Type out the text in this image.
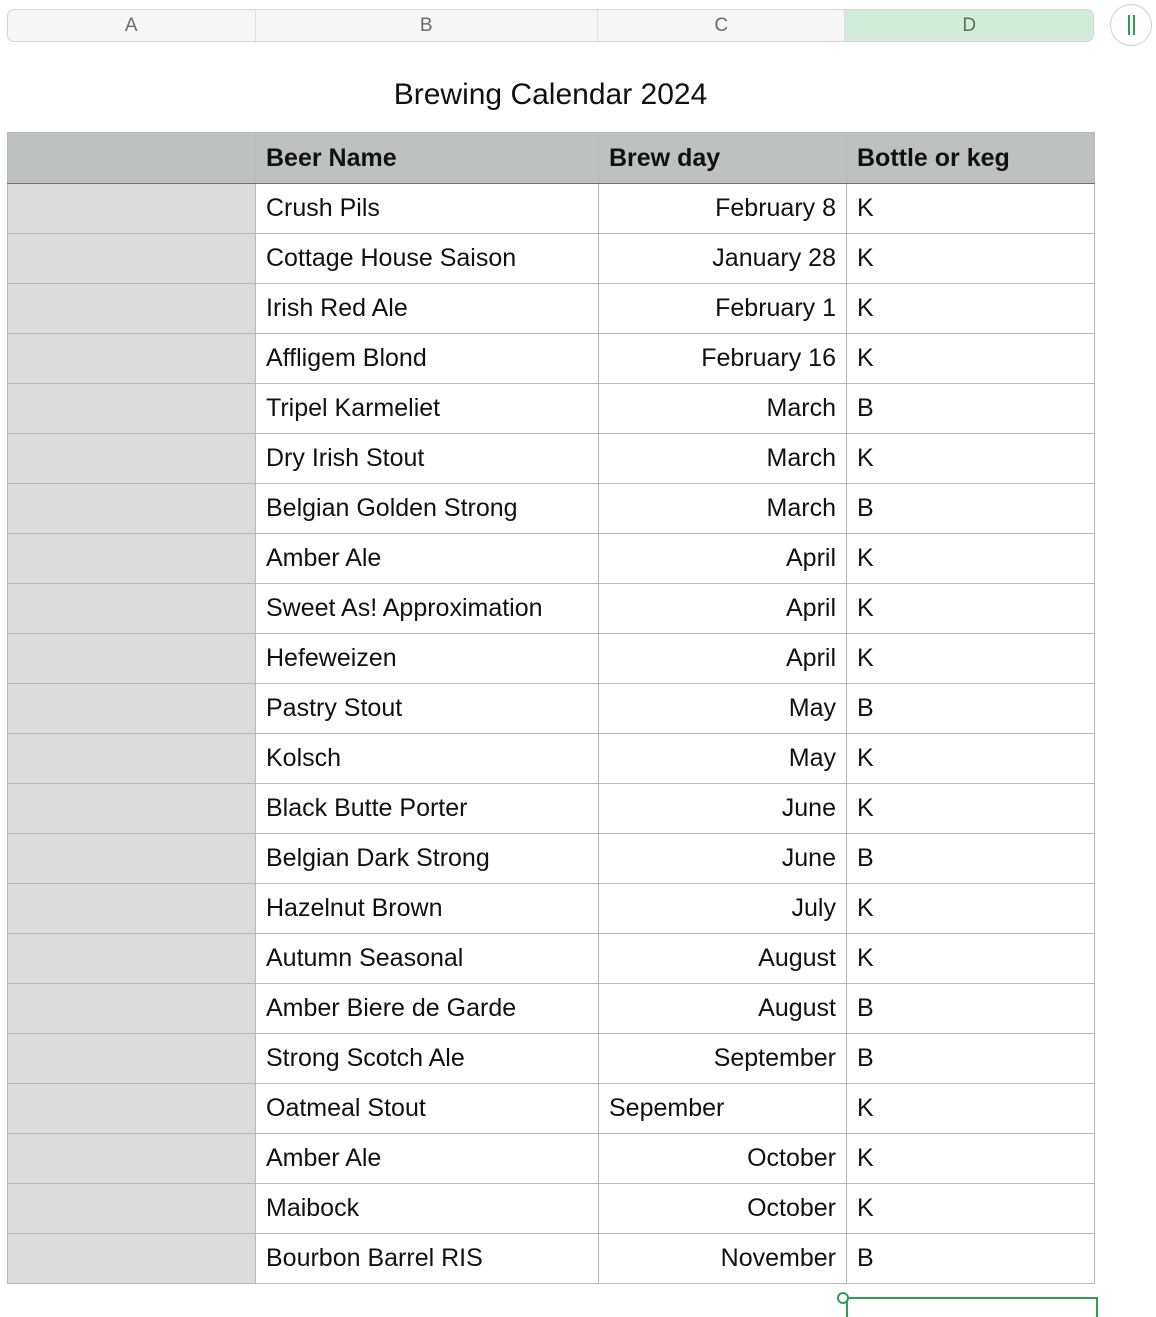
A	B	C	D
Brewing Calendar 2024
	Beer Name	Brew day	Bottle or keg
	Crush Pils	February 8	K
	Cottage House Saison	January 28	K
	Irish Red Ale	February 1	K
	Affligem Blond	February 16	K
	Tripel Karmeliet	March	B
	Dry Irish Stout	March	K
	Belgian Golden Strong	March	B
	Amber Ale	April	K
	Sweet As! Approximation	April	K
	Hefeweizen	April	K
	Pastry Stout	May	B
	Kolsch	May	K
	Black Butte Porter	June	K
	Belgian Dark Strong	June	B
	Hazelnut Brown	July	K
	Autumn Seasonal	August	K
	Amber Biere de Garde	August	B
	Strong Scotch Ale	September	B
	Oatmeal Stout	Sepember	K
	Amber Ale	October	K
	Maibock	October	K
	Bourbon Barrel RIS	November	B
